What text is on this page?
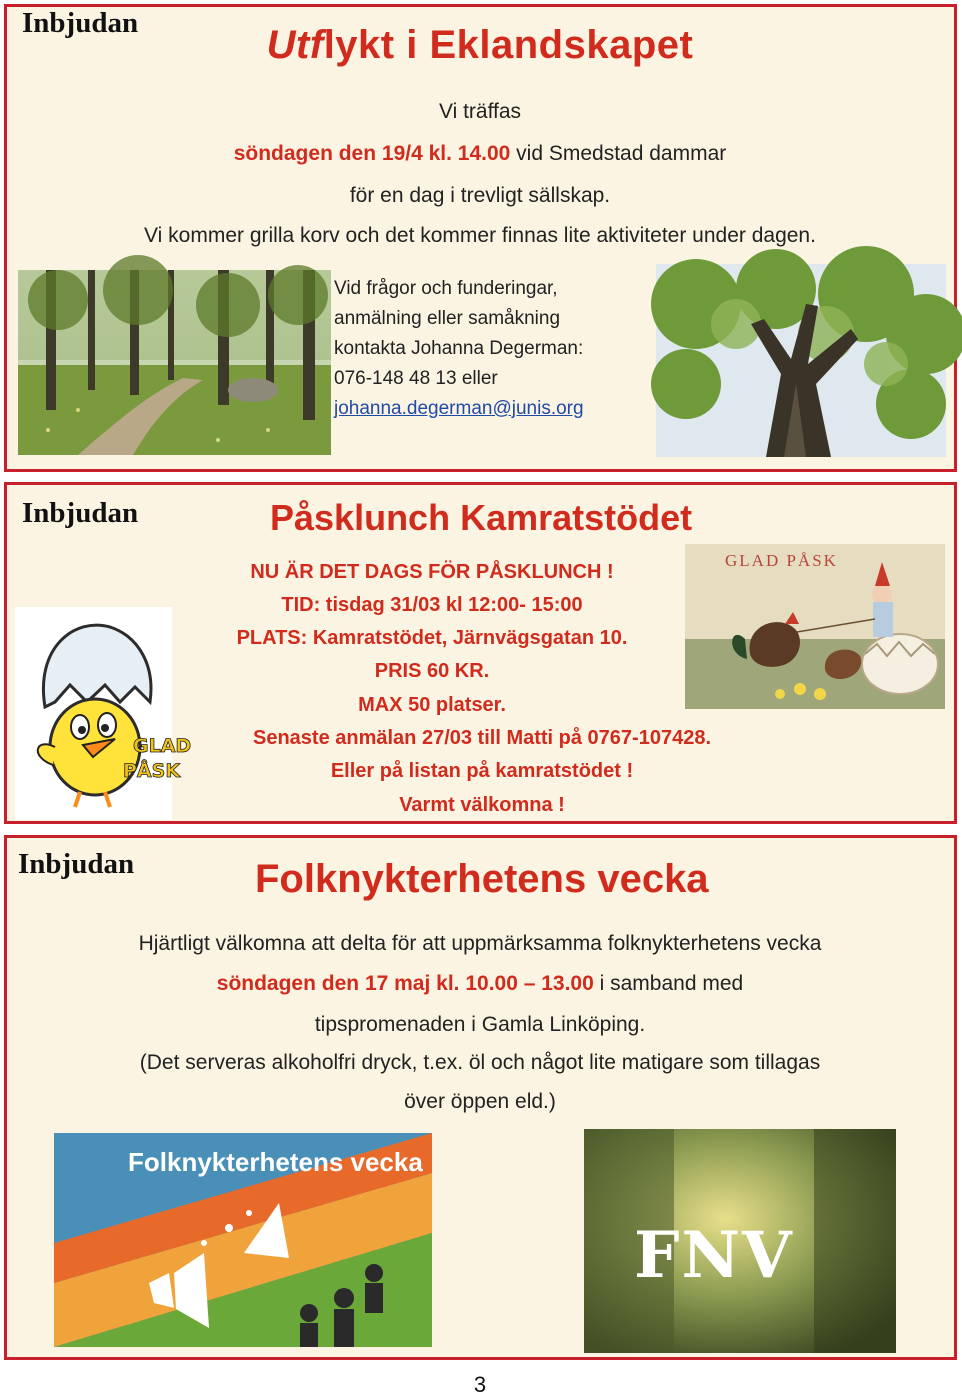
Inbjudan	Utflykt i Eklandskapet
Vi träffas
söndagen den 19/4 kl. 14.00 vid Smedstad dammar
för en dag i trevligt sällskap.
Vi kommer grilla korv och det kommer finnas lite aktiviteter under dagen.
Vid frågor och funderingar,
anmälning eller samåkning
kontakta Johanna Degerman:
076-148 48 13 eller
johanna.degerman@junis.org
Inbjudan	Påsklunch Kamratstödet
NU ÄR DET DAGS FÖR PÅSKLUNCH !
TID: tisdag 31/03 kl 12:00- 15:00
PLATS: Kamratstödet, Järnvägsgatan 10.
PRIS 60 KR.
MAX 50 platser.
Senaste anmälan 27/03 till Matti på 0767-107428.
Eller på listan på kamratstödet !
Varmt välkomna !
GLAD
PÅSK
GLAD PÅSK
Inbjudan	Folknykterhetens vecka
Hjärtligt välkomna att delta för att uppmärksamma folknykterhetens vecka
söndagen den 17 maj kl. 10.00 – 13.00 i samband med
tipspromenaden i Gamla Linköping.
(Det serveras alkoholfri dryck, t.ex. öl och något lite matigare som tillagas
över öppen eld.)
Folknykterhetens vecka
FNV
3
